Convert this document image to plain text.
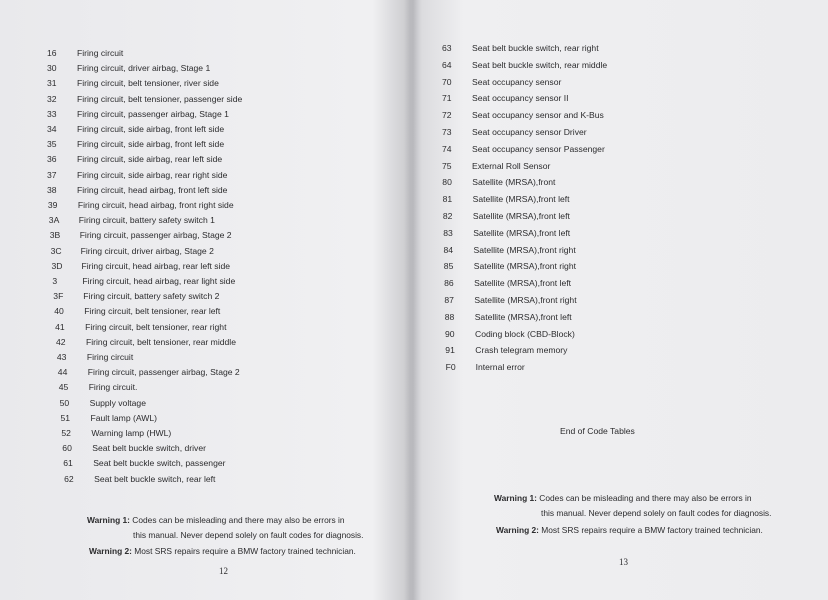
16	Firing circuit
30	Firing circuit, driver airbag, Stage 1
31	Firing circuit, belt tensioner, river side
32	Firing circuit, belt tensioner, passenger side
33	Firing circuit, passenger airbag, Stage 1
34	Firing circuit, side airbag, front left side
35	Firing circuit, side airbag, front left side
36	Firing circuit, side airbag, rear left side
37	Firing circuit, side airbag, rear right side
38	Firing circuit, head airbag, front left side
39	Firing circuit, head airbag, front right side
3A	Firing circuit, battery safety switch 1
3B	Firing circuit, passenger airbag, Stage 2
3C	Firing circuit, driver airbag, Stage 2
3D	Firing circuit, head airbag, rear left side
3	Firing circuit, head airbag, rear light side
3F	Firing circuit, battery safety switch 2
40	Firing circuit, belt tensioner, rear left
41	Firing circuit, belt tensioner, rear right
42	Firing circuit, belt tensioner, rear middle
43	Firing circuit
44	Firing circuit, passenger airbag, Stage 2
45	Firing circuit.
50	Supply voltage
51	Fault lamp (AWL)
52	Warning lamp (HWL)
60	Seat belt buckle switch, driver
61	Seat belt buckle switch, passenger
62	Seat belt buckle switch, rear left
Warning 1: Codes can be misleading and there may also be errors in
this manual. Never depend solely on fault codes for diagnosis.
Warning 2: Most SRS repairs require a BMW factory trained technician.
12
63	Seat belt buckle switch, rear right
64	Seat belt buckle switch, rear middle
70	Seat occupancy sensor
71	Seat occupancy sensor II
72	Seat occupancy sensor and K-Bus
73	Seat occupancy sensor Driver
74	Seat occupancy sensor Passenger
75	External Roll Sensor
80	Satellite (MRSA),front
81	Satellite (MRSA),front left
82	Satellite (MRSA),front left
83	Satellite (MRSA),front left
84	Satellite (MRSA),front right
85	Satellite (MRSA),front right
86	Satellite (MRSA),front left
87	Satellite (MRSA),front right
88	Satellite (MRSA),front left
90	Coding block (CBD-Block)
91	Crash telegram memory
F0	Internal error
End of Code Tables
Warning 1: Codes can be misleading and there may also be errors in
this manual. Never depend solely on fault codes for diagnosis.
Warning 2: Most SRS repairs require a BMW factory trained technician.
13
